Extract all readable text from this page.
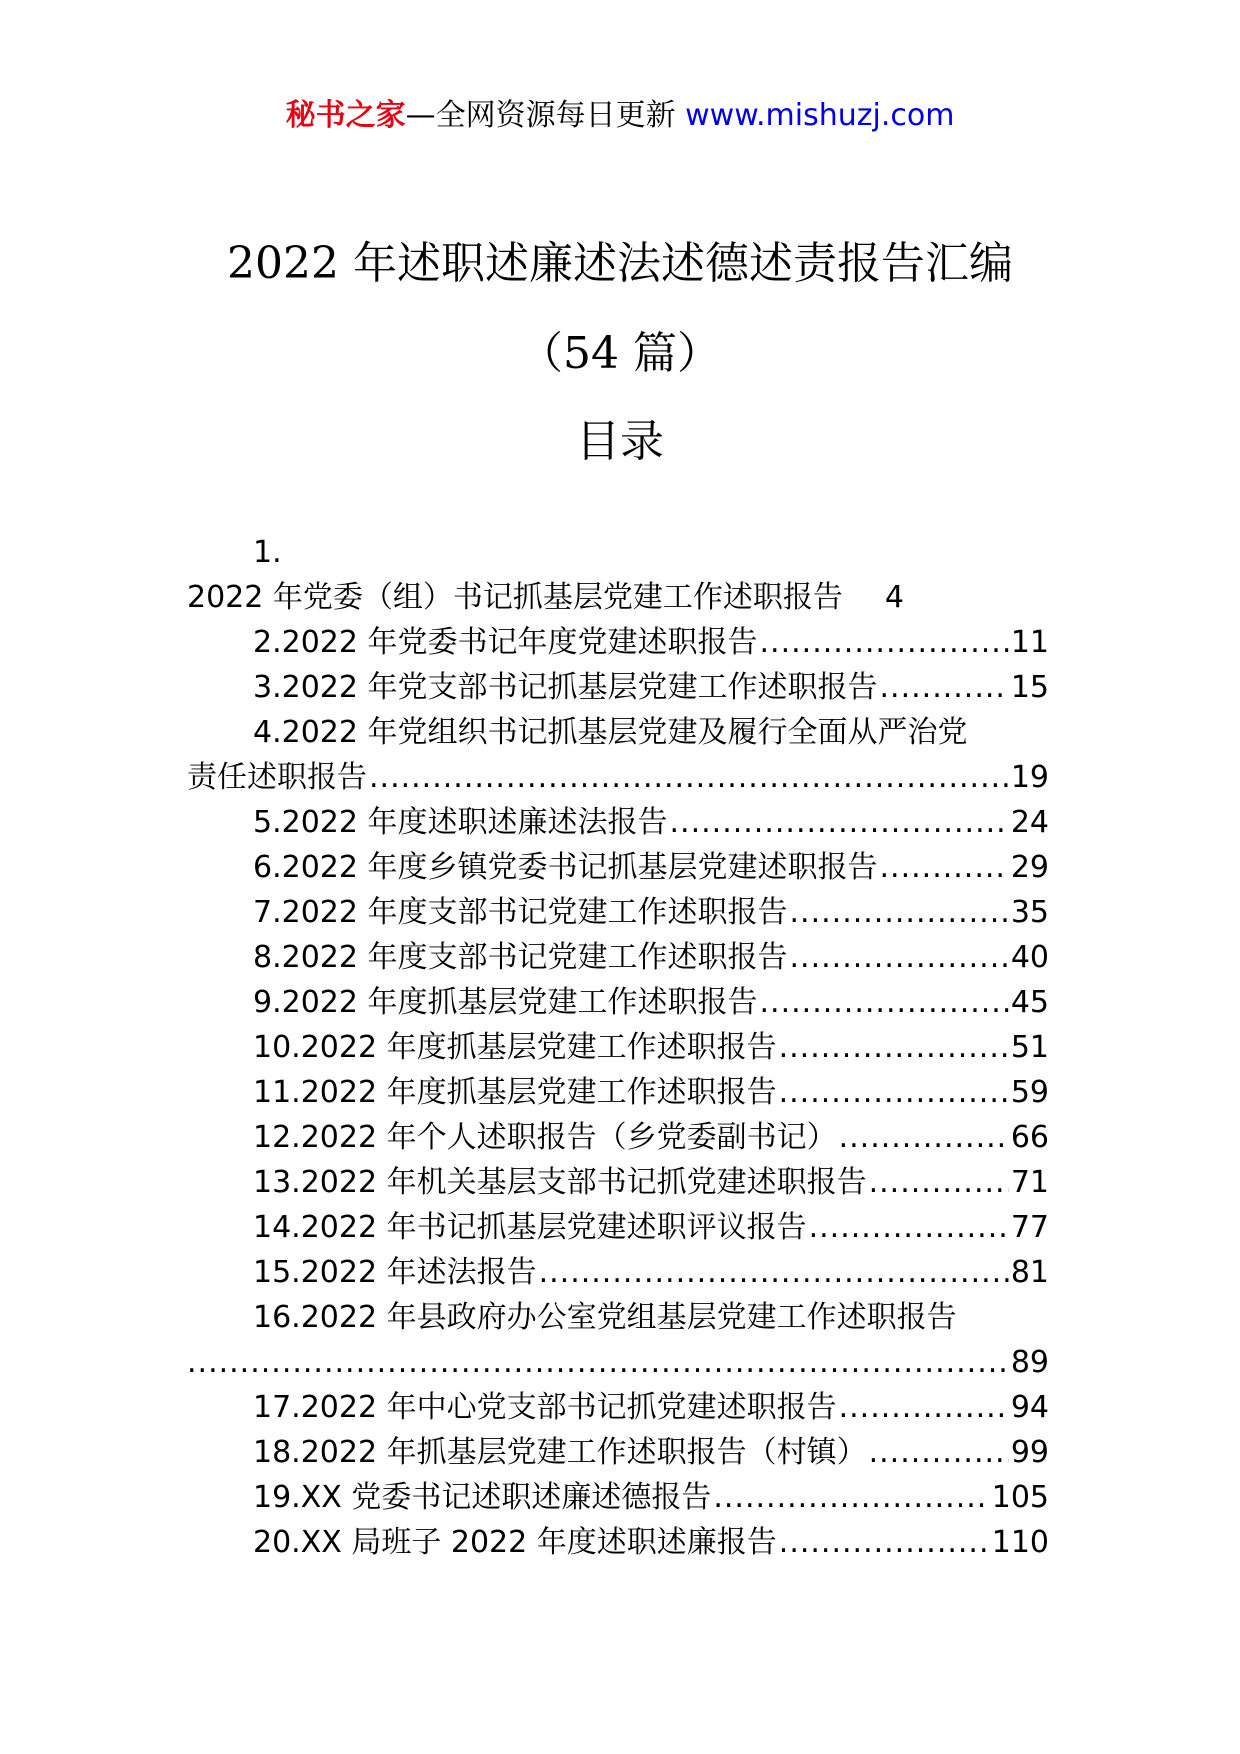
秘书之家—全网资源每日更新 www.mishuzj.com
2022 年述职述廉述法述德述责报告汇编
（54 篇）
目录
1.
2022 年党委（组）书记抓基层党建工作述职报告 4
2.2022 年党委书记年度党建述职报告 .....	11
3.2022 年党支部书记抓基层党建工作述职报告 .....	15
4.2022 年党组织书记抓基层党建及履行全面从严治党
责任述职报告 .....	19
5.2022 年度述职述廉述法报告 .....	24
6.2022 年度乡镇党委书记抓基层党建述职报告 .....	29
7.2022 年度支部书记党建工作述职报告 .....	35
8.2022 年度支部书记党建工作述职报告 .....	40
9.2022 年度抓基层党建工作述职报告 .....	45
10.2022 年度抓基层党建工作述职报告 .....	51
11.2022 年度抓基层党建工作述职报告 .....	59
12.2022 年个人述职报告（乡党委副书记） .....	66
13.2022 年机关基层支部书记抓党建述职报告 .....	71
14.2022 年书记抓基层党建述职评议报告 .....	77
15.2022 年述法报告 .....	81
16.2022 年县政府办公室党组基层党建工作述职报告
.....
89
17.2022 年中心党支部书记抓党建述职报告 .....	94
18.2022 年抓基层党建工作述职报告（村镇） .....	99
19.XX 党委书记述职述廉述德报告 .....	105
20.XX 局班子 2022 年度述职述廉报告 .....	110
